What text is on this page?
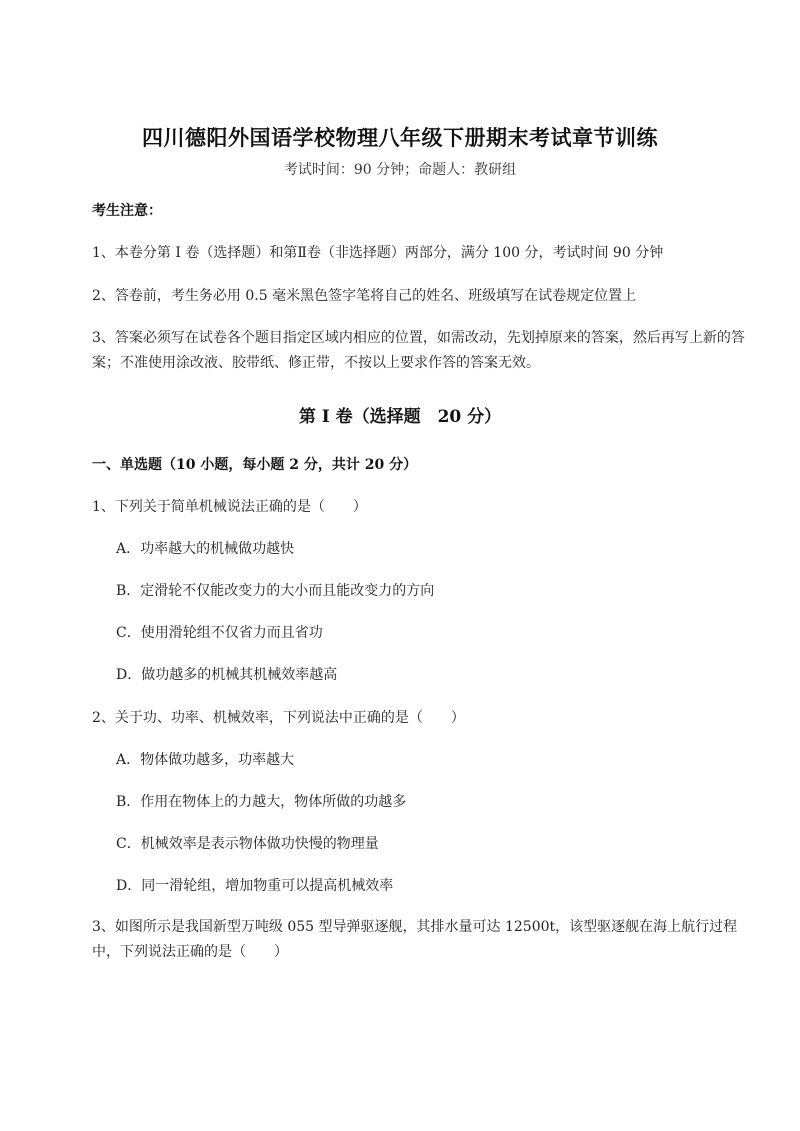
四川德阳外国语学校物理八年级下册期末考试章节训练
考试时间：90 分钟；命题人：教研组
考生注意：
1、本卷分第 I 卷（选择题）和第Ⅱ卷（非选择题）两部分，满分 100 分，考试时间 90 分钟
2、答卷前，考生务必用 0.5 毫米黑色签字笔将自己的姓名、班级填写在试卷规定位置上
3、答案必须写在试卷各个题目指定区域内相应的位置，如需改动，先划掉原来的答案，然后再写上新的答案；不准使用涂改液、胶带纸、修正带，不按以上要求作答的答案无效。
第 I 卷（选择题　20 分）
一、单选题（10 小题，每小题 2 分，共计 20 分）
1、下列关于简单机械说法正确的是（　　）
A．功率越大的机械做功越快
B．定滑轮不仅能改变力的大小而且能改变力的方向
C．使用滑轮组不仅省力而且省功
D．做功越多的机械其机械效率越高
2、关于功、功率、机械效率，下列说法中正确的是（　　）
A．物体做功越多，功率越大
B．作用在物体上的力越大，物体所做的功越多
C．机械效率是表示物体做功快慢的物理量
D．同一滑轮组，增加物重可以提高机械效率
3、如图所示是我国新型万吨级 055 型导弹驱逐舰，其排水量可达 12500t，该型驱逐舰在海上航行过程中，下列说法正确的是（　　）
